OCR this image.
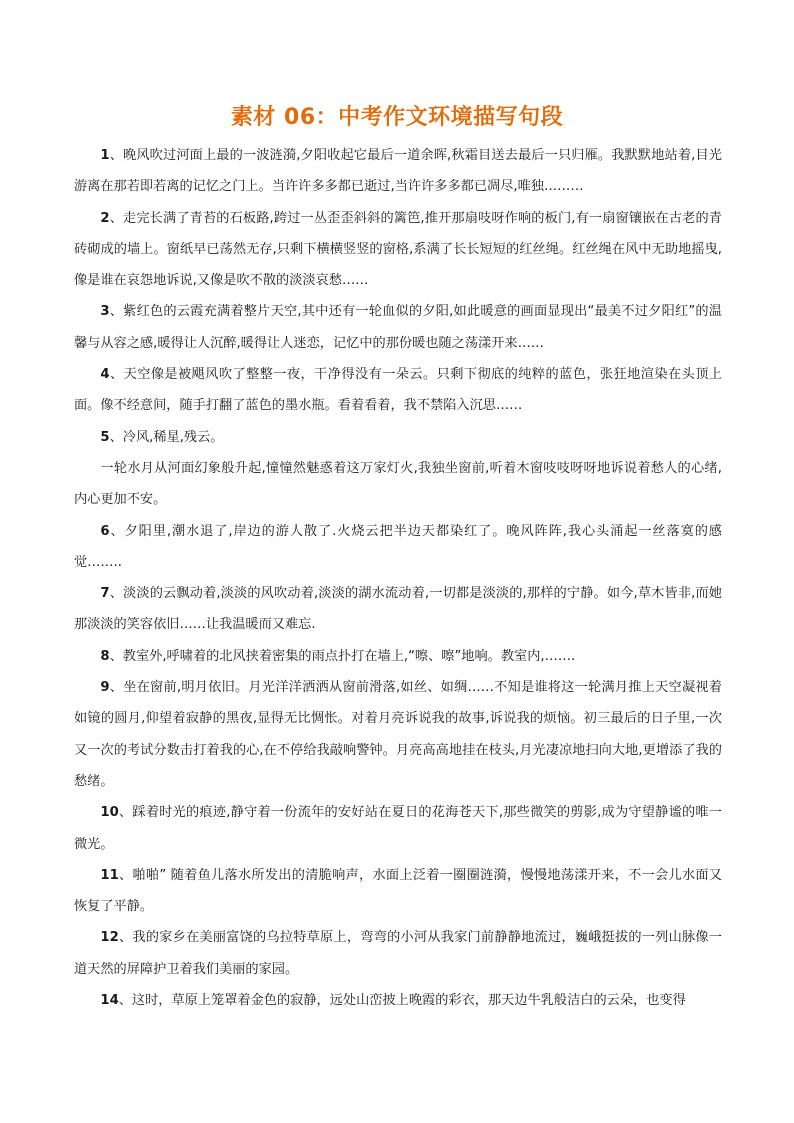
素材 06：中考作文环境描写句段

1、晚风吹过河面上最的一波涟漪,夕阳收起它最后一道余晖,秋霜目送去最后一只归雁。我默默地站着,目光游离在那若即若离的记忆之门上。当许许多多都已逝过,当许许多多都已凋尽,唯独………

2、走完长满了青苔的石板路,跨过一丛歪歪斜斜的篱笆,推开那扇吱呀作响的板门,有一扇窗镶嵌在古老的青砖砌成的墙上。窗纸早已荡然无存,只剩下横横竖竖的窗格,系满了长长短短的红丝绳。红丝绳在风中无助地摇曳,像是谁在哀怨地诉说,又像是吹不散的淡淡哀愁……

3、紫红色的云霞充满着整片天空,其中还有一轮血似的夕阳,如此暖意的画面显现出“最美不过夕阳红”的温馨与从容之感,暖得让人沉醉,暖得让人迷恋，记忆中的那份暖也随之荡漾开来……

4、天空像是被飓风吹了整整一夜，干净得没有一朵云。只剩下彻底的纯粹的蓝色，张狂地渲染在头顶上面。像不经意间，随手打翻了蓝色的墨水瓶。看着看着，我不禁陷入沉思……

5、冷风,稀星,残云。

一轮水月从河面幻象般升起,憧憧然魅惑着这万家灯火,我独坐窗前,听着木窗吱吱呀呀地诉说着愁人的心绪,内心更加不安。

6、夕阳里,潮水退了,岸边的游人散了.火烧云把半边天都染红了。晚风阵阵,我心头涌起一丝落寞的感觉……..

7、淡淡的云飘动着,淡淡的风吹动着,淡淡的湖水流动着,一切都是淡淡的,那样的宁静。如今,草木皆非,而她那淡淡的笑容依旧……让我温暖而又难忘.

8、教室外,呼啸着的北风挟着密集的雨点扑打在墙上,“嚓、嚓”地响。教室内,…….

9、坐在窗前,明月依旧。月光洋洋洒洒从窗前滑落,如丝、如绸……不知是谁将这一轮满月推上天空凝视着如镜的圆月,仰望着寂静的黑夜,显得无比惆怅。对着月亮诉说我的故事,诉说我的烦恼。初三最后的日子里,一次又一次的考试分数击打着我的心,在不停给我敲响警钟。月亮高高地挂在枝头,月光凄凉地扫向大地,更增添了我的愁绪。

10、踩着时光的痕迹,静守着一份流年的安好站在夏日的花海苍天下,那些微笑的剪影,成为守望静谧的唯一微光。

11、啪啪” 随着鱼儿落水所发出的清脆响声，水面上泛着一圈圈涟漪，慢慢地荡漾开来，不一会儿水面又恢复了平静。

12、我的家乡在美丽富饶的乌拉特草原上，弯弯的小河从我家门前静静地流过，巍峨挺拔的一列山脉像一道天然的屏障护卫着我们美丽的家园。

14、这时，草原上笼罩着金色的寂静，远处山峦披上晚霞的彩衣，那天边牛乳般洁白的云朵，也变得
